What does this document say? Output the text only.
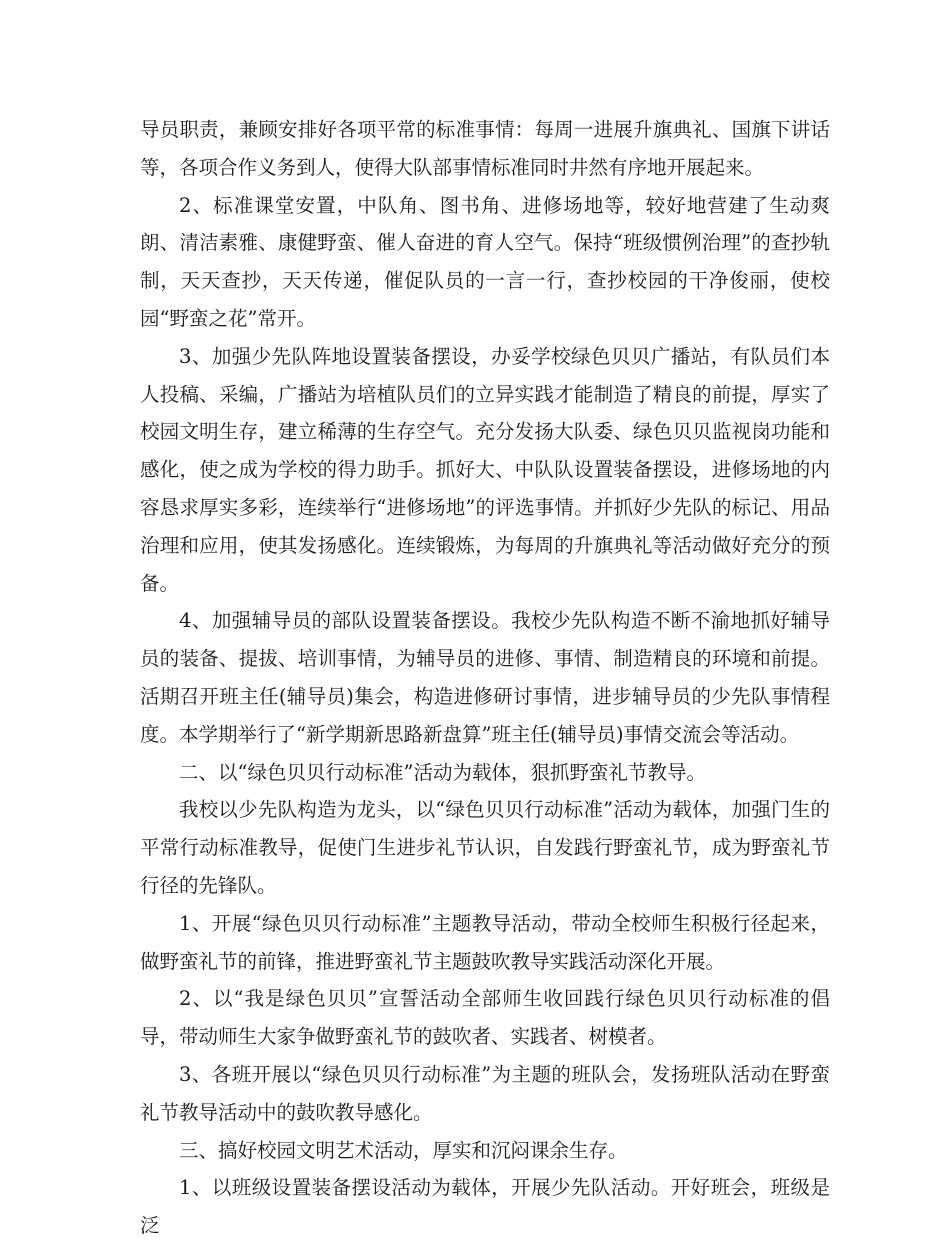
导员职责，兼顾安排好各项平常的标准事情：每周一进展升旗典礼、国旗下讲话等，各项合作义务到人，使得大队部事情标准同时井然有序地开展起来。

2、标准课堂安置，中队角、图书角、进修场地等，较好地营建了生动爽朗、清洁素雅、康健野蛮、催人奋进的育人空气。保持“班级惯例治理”的查抄轨制，天天查抄，天天传递，催促队员的一言一行，查抄校园的干净俊丽，使校园“野蛮之花”常开。

3、加强少先队阵地设置装备摆设，办妥学校绿色贝贝广播站，有队员们本人投稿、采编，广播站为培植队员们的立异实践才能制造了精良的前提，厚实了校园文明生存，建立稀薄的生存空气。充分发扬大队委、绿色贝贝监视岗功能和感化，使之成为学校的得力助手。抓好大、中队队设置装备摆设，进修场地的内容恳求厚实多彩，连续举行“进修场地”的评选事情。并抓好少先队的标记、用品治理和应用，使其发扬感化。连续锻炼，为每周的升旗典礼等活动做好充分的预备。

4、加强辅导员的部队设置装备摆设。我校少先队构造不断不渝地抓好辅导员的装备、提拔、培训事情，为辅导员的进修、事情、制造精良的环境和前提。活期召开班主任(辅导员)集会，构造进修研讨事情，进步辅导员的少先队事情程度。本学期举行了“新学期新思路新盘算”班主任(辅导员)事情交流会等活动。

二、以“绿色贝贝行动标准”活动为载体，狠抓野蛮礼节教导。

我校以少先队构造为龙头，以“绿色贝贝行动标准”活动为载体，加强门生的平常行动标准教导，促使门生进步礼节认识，自发践行野蛮礼节，成为野蛮礼节行径的先锋队。

1、开展“绿色贝贝行动标准”主题教导活动，带动全校师生积极行径起来，做野蛮礼节的前锋，推进野蛮礼节主题鼓吹教导实践活动深化开展。

2、以“我是绿色贝贝”宣誓活动全部师生收回践行绿色贝贝行动标准的倡导，带动师生大家争做野蛮礼节的鼓吹者、实践者、树模者。

3、各班开展以“绿色贝贝行动标准”为主题的班队会，发扬班队活动在野蛮礼节教导活动中的鼓吹教导感化。

三、搞好校园文明艺术活动，厚实和沉闷课余生存。

1、以班级设置装备摆设活动为载体，开展少先队活动。开好班会，班级是泛
